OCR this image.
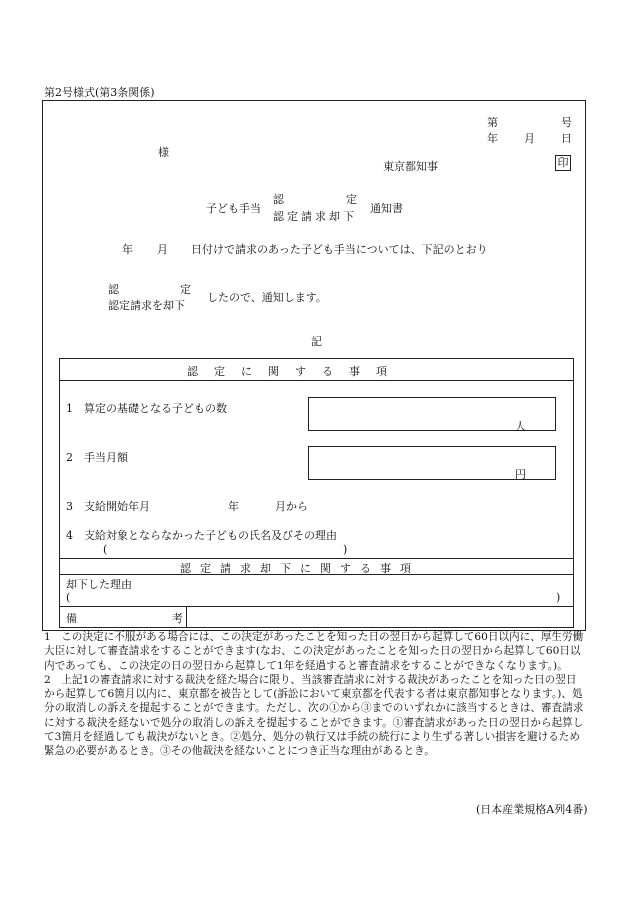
第2号様式(第3条関係)
第	号
年 月 日
様
東京都知事	印
子ども手当
認	定
認定請求却下
通知書
年 月 日付けで請求のあった子ども手当については、下記のとおり
認	定
認定請求を却下
したので、通知します。
記
認定に関する事項
1　算定の基礎となる子どもの数
人
2　手当月額
円
3　支給開始年月	年	月から
4　支給対象とならなかった子どもの氏名及びその理由
(	)
認定請求却下に関する事項
却下した理由
(	)
備	考

1　この決定に不服がある場合には、この決定があったことを知った日の翌日から起算して60日以内に、厚生労働大臣に対して審査請求をすることができます(なお、この決定があったことを知った日の翌日から起算して60日以内であっても、この決定の日の翌日から起算して1年を経過すると審査請求をすることができなくなります。)。

2　上記1の審査請求に対する裁決を経た場合に限り、当該審査請求に対する裁決があったことを知った日の翌日から起算して6箇月以内に、東京都を被告として(訴訟において東京都を代表する者は東京都知事となります。)、処分の取消しの訴えを提起することができます。ただし、次の①から③までのいずれかに該当するときは、審査請求に対する裁決を経ないで処分の取消しの訴えを提起することができます。①審査請求があった日の翌日から起算して3箇月を経過しても裁決がないとき。②処分、処分の執行又は手続の続行により生ずる著しい損害を避けるため緊急の必要があるとき。③その他裁決を経ないことにつき正当な理由があるとき。

(日本産業規格A列4番)
